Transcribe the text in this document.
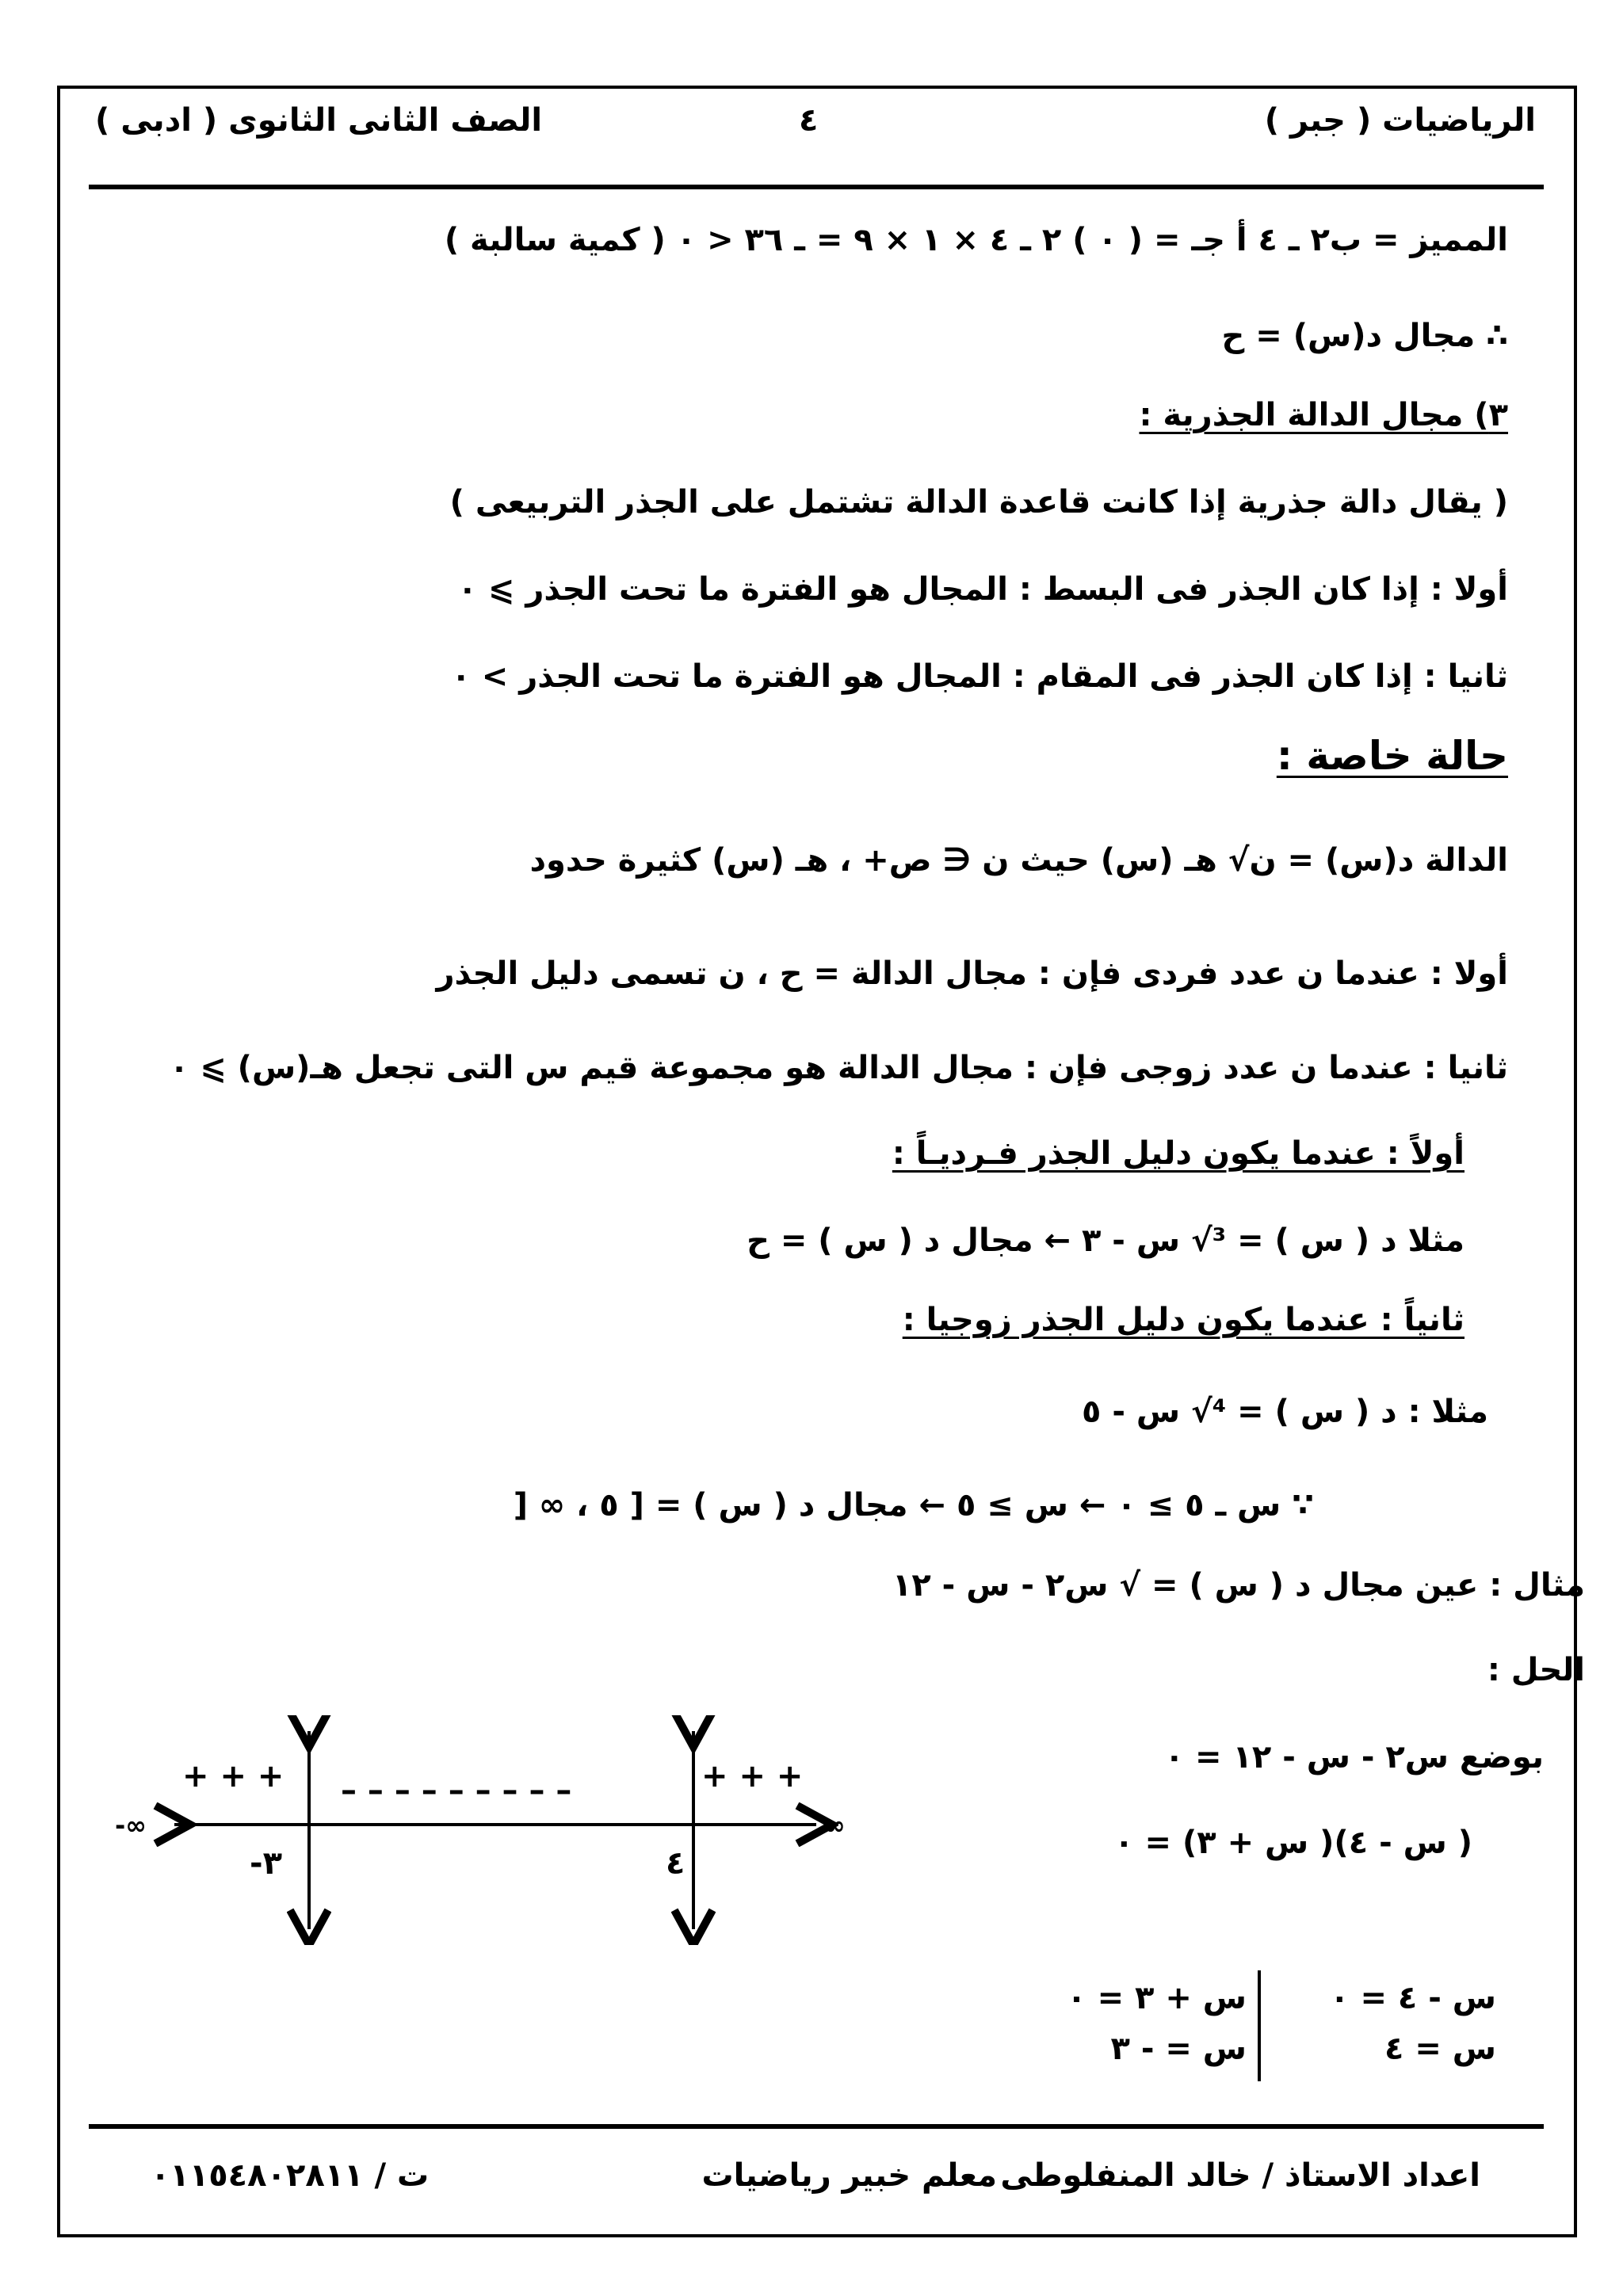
الرياضيات ( جبر )
٤
الصف الثانى الثانوى ( ادبى )
المميز = ب٢ ـ ٤ أ جـ = ( ٠ ) ٢ ـ ٤ × ١ × ٩ = ـ ٣٦ < ٠ ( كمية سالبة )
∴ مجال د(س) = ح
٣) مجال الدالة الجذرية :
( يقال دالة جذرية إذا كانت قاعدة الدالة تشتمل على الجذر التربيعى )
أولا : إذا كان الجذر فى البسط : المجال هو الفترة ما تحت الجذر ⩾ ٠
ثانيا : إذا كان الجذر فى المقام : المجال هو الفترة ما تحت الجذر > ٠
حالة خاصة :
الدالة د(س) = ن√ هـ (س) حيث ن ∈ ص+ ، هـ (س) كثيرة حدود
أولا : عندما ن عدد فردى فإن : مجال الدالة = ح ، ن تسمى دليل الجذر
ثانيا : عندما ن عدد زوجى فإن : مجال الدالة هو مجموعة قيم س التى تجعل هـ(س) ⩾ ٠
أولاً : عندما يكون دليل الجذر فـرديـاً :
مثلا د ( س ) = ³√ س - ٣ ← مجال د ( س ) = ح
ثانياً : عندما يكون دليل الجذر زوجيا :
مثلا : د ( س ) = ⁴√ س - ٥
∵ س ـ ٥ ≥ ٠ ← س ≥ ٥ ← مجال د ( س ) = [ ٥ ، ∞ [
مثال : عين مجال د ( س ) = √ س٢ - س - ١٢
الحل :
بوضع س٢ - س - ١٢ = ٠
( س - ٤)( س + ٣) = ٠
س - ٤ = ٠
س = ٤
س + ٣ = ٠
س = - ٣
+ + + – – – – – – – – –	+ + +
-∞	∞
-٣	٤
اعداد الاستاذ / خالد المنفلوطى
معلم خبير رياضيات
ت / ٠١١٥٤٨٠٢٨١١
